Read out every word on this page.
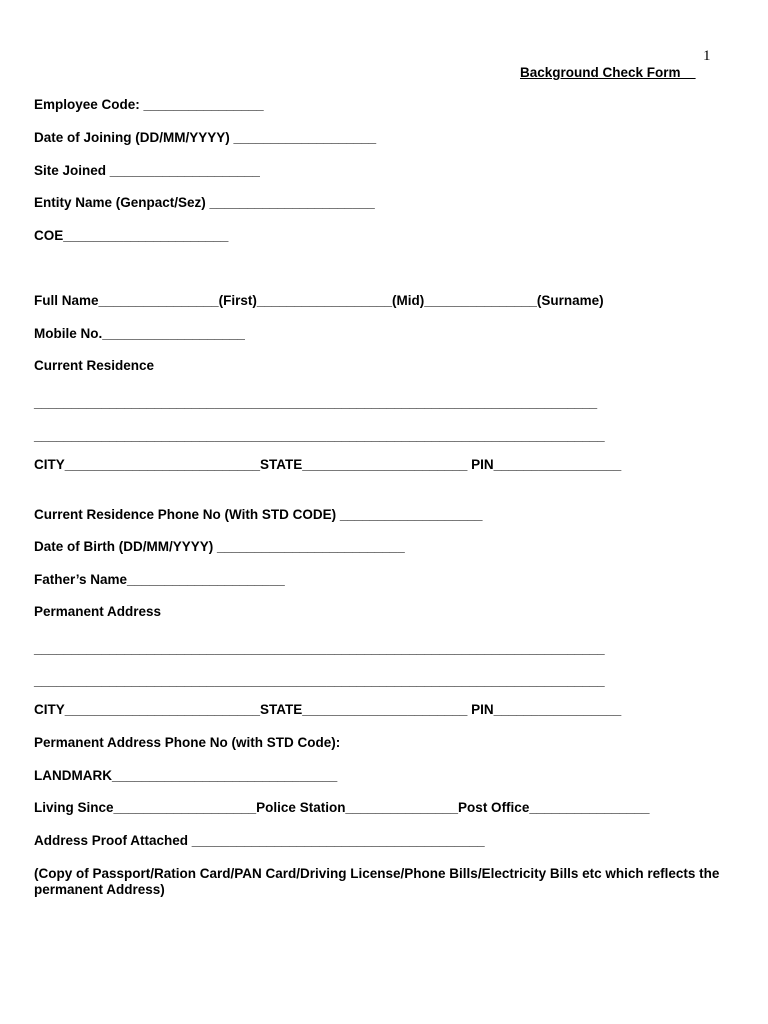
1
Background Check Form__
Employee Code: ________________
Date of Joining (DD/MM/YYYY) ___________________
Site Joined ____________________
Entity Name (Genpact/Sez) ______________________
COE______________________
Full Name________________(First)__________________(Mid)_______________(Surname)
Mobile No.___________________
Current Residence
___________________________________________________________________________
____________________________________________________________________________
CITY__________________________STATE______________________ PIN_________________
Current Residence Phone No (With STD CODE) ___________________
Date of Birth (DD/MM/YYYY) _________________________
Father’s Name_____________________
Permanent Address
____________________________________________________________________________
____________________________________________________________________________
CITY__________________________STATE______________________ PIN_________________
Permanent Address Phone No (with STD Code):
LANDMARK______________________________
Living Since___________________Police Station_______________Post Office________________
Address Proof Attached _______________________________________
(Copy of Passport/Ration Card/PAN Card/Driving License/Phone Bills/Electricity Bills etc which reflects the permanent Address)
